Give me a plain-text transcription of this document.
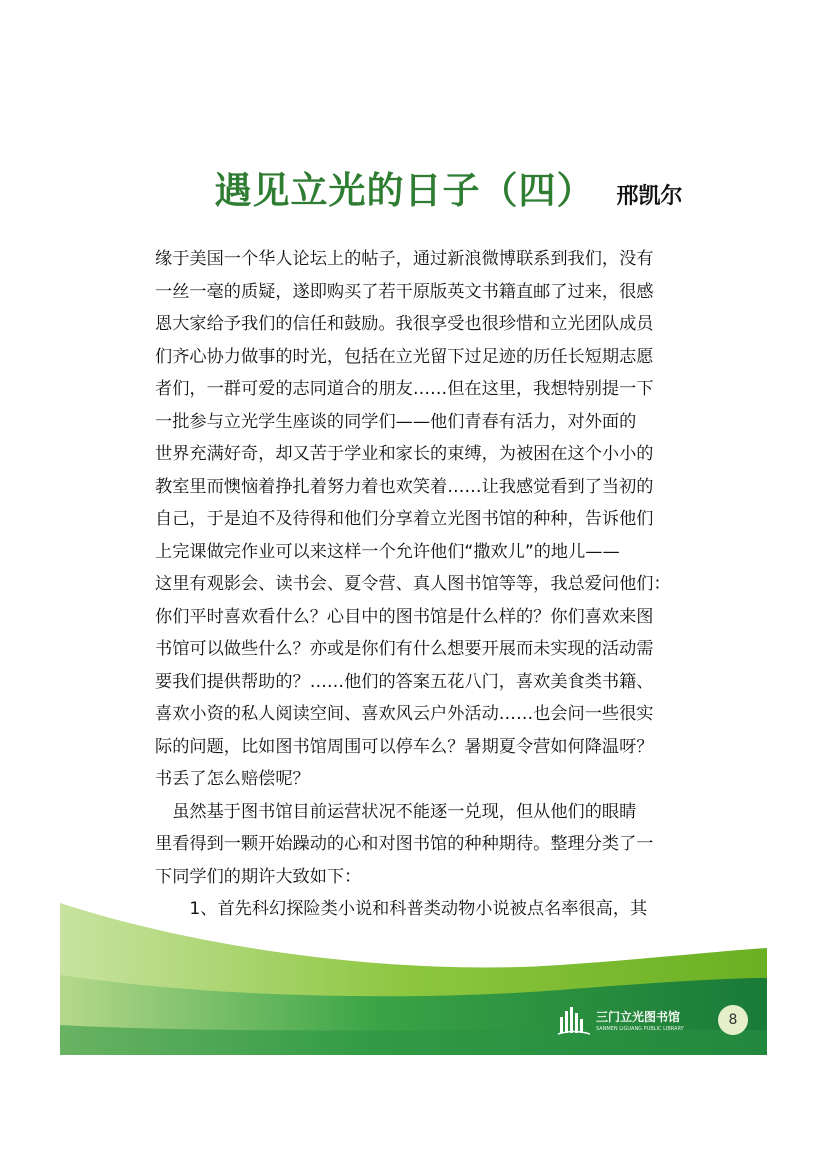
遇见立光的日子（四） 邢凯尔
缘于美国一个华人论坛上的帖子，通过新浪微博联系到我们，没有
一丝一毫的质疑，遂即购买了若干原版英文书籍直邮了过来，很感
恩大家给予我们的信任和鼓励。我很享受也很珍惜和立光团队成员
们齐心协力做事的时光，包括在立光留下过足迹的历任长短期志愿
者们，一群可爱的志同道合的朋友……但在这里，我想特别提一下
一批参与立光学生座谈的同学们——他们青春有活力，对外面的
世界充满好奇，却又苦于学业和家长的束缚，为被困在这个小小的
教室里而懊恼着挣扎着努力着也欢笑着……让我感觉看到了当初的
自己，于是迫不及待得和他们分享着立光图书馆的种种，告诉他们
上完课做完作业可以来这样一个允许他们“撒欢儿”的地儿——
这里有观影会、读书会、夏令营、真人图书馆等等，我总爱问他们：
你们平时喜欢看什么？心目中的图书馆是什么样的？你们喜欢来图
书馆可以做些什么？亦或是你们有什么想要开展而未实现的活动需
要我们提供帮助的？……他们的答案五花八门，喜欢美食类书籍、
喜欢小资的私人阅读空间、喜欢风云户外活动……也会问一些很实
际的问题，比如图书馆周围可以停车么？暑期夏令营如何降温呀？
书丢了怎么赔偿呢？
　虽然基于图书馆目前运营状况不能逐一兑现，但从他们的眼睛
里看得到一颗开始躁动的心和对图书馆的种种期待。整理分类了一
下同学们的期许大致如下：
　　1、首先科幻探险类小说和科普类动物小说被点名率很高，其
三门立光图书馆
SANMEN LIGUANG PUBLIC LIBRARY
8
